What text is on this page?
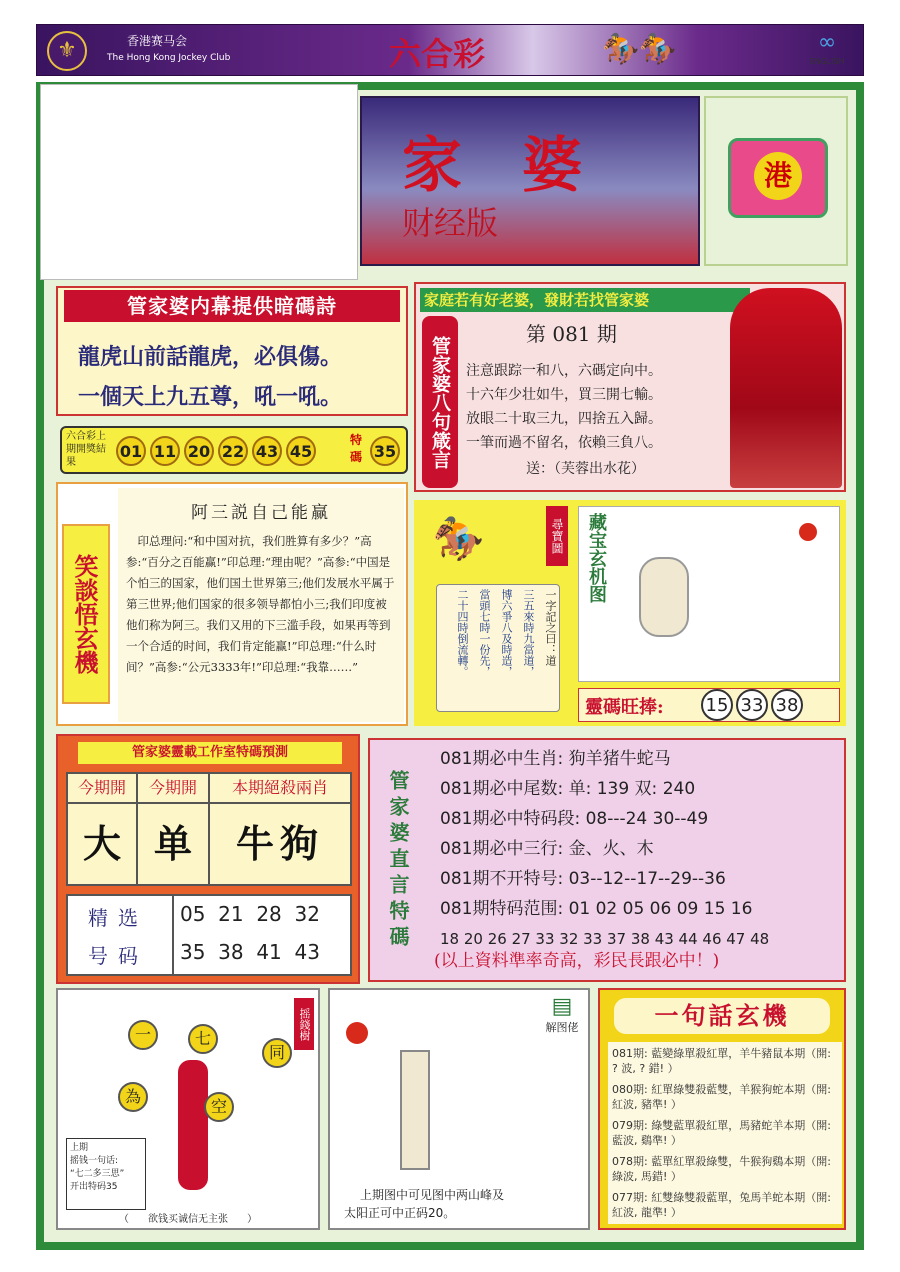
⚜	香港赛马会
The Hong Kong Jockey Club	六合彩	🏇🏇	∞
ENGLISH
家婆
财经版
港
管家婆内幕提供暗碼詩
龍虎山前話龍虎，必俱傷。
一個天上九五尊，吼一吼。
六合彩上期開獎結果
01 11 20 22 43 45
特碼 35
家庭若有好老婆，發財若找管家婆
管家婆八句箴言
第 081 期
注意跟踪一和八，六碼定向中。
十六年少壮如牛，買三開七輸。
放眼二十取三九，四捨五入歸。
一筆而過不留名，依賴三負八。
送：（芙蓉出水花）
笑談悟玄機
阿三説自己能赢
印总理问:“和中国对抗，我们胜算有多少？”高参:“百分之百能赢!”印总理:“理由呢？”高参:“中国是个怕三的国家，他们国土世界第三;他们发展水平属于第三世界;他们国家的很多领导都怕小三;我们印度被他们称为阿三。我们又用的下三滥手段，如果再等到一个合适的时间，我们肯定能赢!”印总理:“什么时间？”高参:“公元3333年!”印总理:“我靠……”
🏇
一字記之曰：道
三五來時九當道，
博六爭八及時造，
當頭七時一份先，
二十四時倒流轉。
尋寶圖 藏宝玄机图
靈碼旺捧: 15 33 38
管家婆靈載工作室特碼預測
今期開	今期開	本期絕殺兩肖
大 单	牛狗
精选
号码
05  21  28  32
35  38  41  43	管家婆直言特碼
081期必中生肖: 狗羊猪牛蛇马
081期必中尾数: 单: 139 双: 240
081期必中特码段: 08---24 30--49
081期必中三行: 金、火、木
081期不开特号: 03--12--17--29--36
081期特码范围: 01 02 05 06 09 15 16
18 20 26 27 33 32 33 37 38 43 44 46 47 48
(以上資料準率奇高，彩民長跟必中！)
摇錢樹
一	七
同
為
空
上期
摇钱一句话:
“七二多三思”
开出特码35
（      欲钱买诚信无主张      ）
▤
解图佬
上期图中可见图中两山峰及
太阳正可中正码20。
一句話玄機

081期: 藍變綠單殺紅單，羊牛豬鼠本期（開: ? 波, ? 錯! ）

080期: 紅單綠雙殺藍雙，羊猴狗蛇本期（開: 紅波, 豬準! ）

079期: 綠雙藍單殺紅單，馬豬蛇羊本期（開: 藍波, 鷄準! ）

078期: 藍單紅單殺綠雙，牛猴狗鷄本期（開: 綠波, 馬錯! ）

077期: 紅雙綠雙殺藍單，兔馬羊蛇本期（開: 紅波, 龍準! ）
